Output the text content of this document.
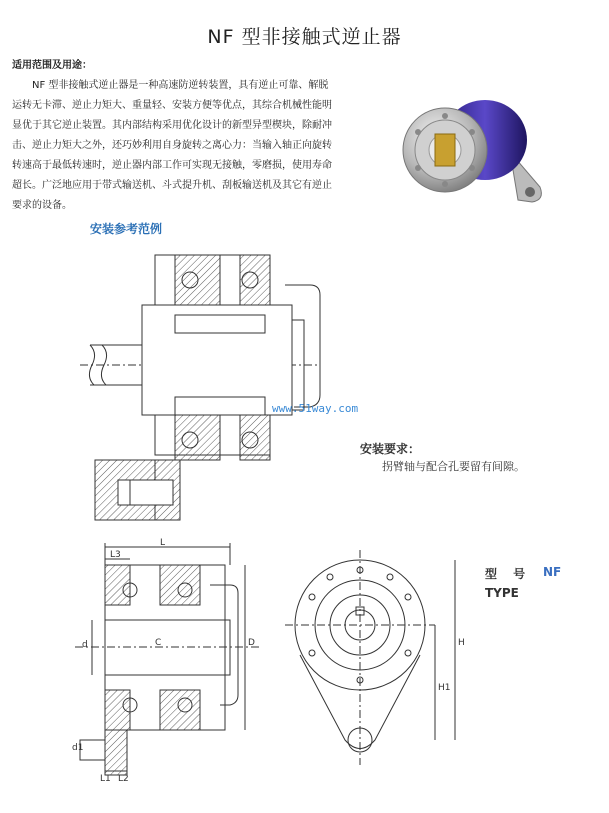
NF 型非接触式逆止器
适用范围及用途：

NF 型非接触式逆止器是一种高速防逆转装置，具有逆止可靠、解脱运转无卡滞、逆止力矩大、重量轻、安装方便等优点，其综合机械性能明显优于其它逆止装置。其内部结构采用优化设计的新型异型楔块，除耐冲击、逆止力矩大之外，还巧妙利用自身旋转之离心力：当输入轴正向旋转转速高于最低转速时，逆止器内部工作可实现无接触，零磨损，使用寿命超长。广泛地应用于带式输送机、斗式提升机、刮板输送机及其它有逆止要求的设备。

安装参考范例
www.51way.com
安装要求：
拐臂轴与配合孔要留有间隙。
L
L3
D
d	C
d1
L1 L2
H
H1
型 号
TYPE
NF
